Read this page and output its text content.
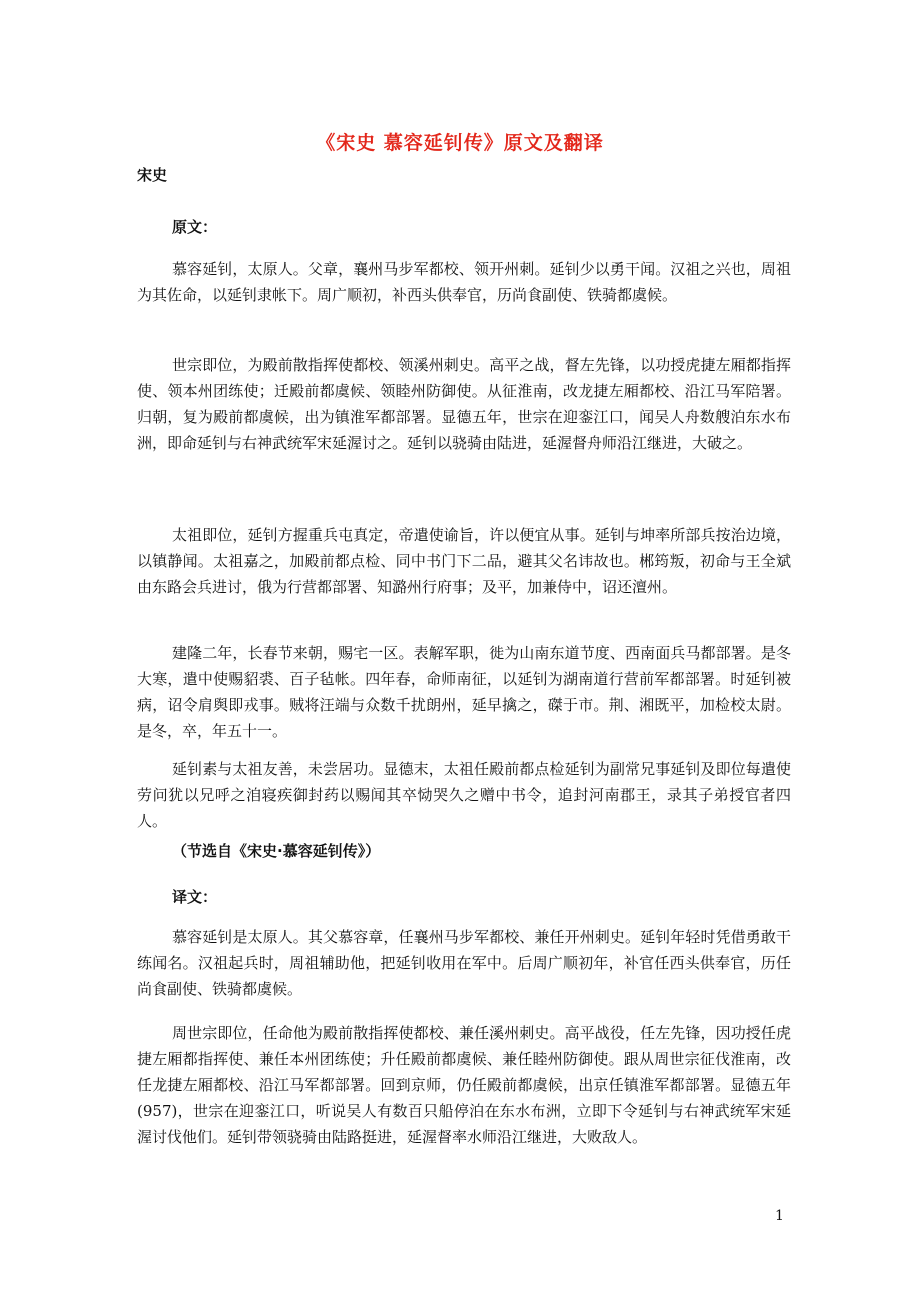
《宋史 慕容延钊传》原文及翻译
宋史
原文：

慕容延钊，太原人。父章，襄州马步军都校、领开州刺。延钊少以勇干闻。汉祖之兴也，周祖为其佐命，以延钊隶帐下。周广顺初，补西头供奉官，历尚食副使、铁骑都虞候。

世宗即位，为殿前散指挥使都校、领溪州刺史。高平之战，督左先锋，以功授虎捷左厢都指挥使、领本州团练使；迁殿前都虞候、领睦州防御使。从征淮南，改龙捷左厢都校、沿江马军陪署。归朝，复为殿前都虞候，出为镇淮军都部署。显德五年，世宗在迎銮江口，闻吴人舟数艘泊东水布洲，即命延钊与右神武统军宋延渥讨之。延钊以骁骑由陆进，延渥督舟师沿江继进，大破之。

太祖即位，延钊方握重兵屯真定，帝遣使谕旨，许以便宜从事。延钊与坤率所部兵按治边境，以镇静闻。太祖嘉之，加殿前都点检、同中书门下二品，避其父名讳故也。郴筠叛，初命与王全斌由东路会兵进讨，俄为行营都部署、知潞州行府事；及平，加兼侍中，诏还澶州。

建隆二年，长春节来朝，赐宅一区。表解军职，徙为山南东道节度、西南面兵马都部署。是冬大寒，遣中使赐貂裘、百子毡帐。四年春，命师南征，以延钊为湖南道行营前军都部署。时延钊被病，诏令肩舆即戎事。贼将汪端与众数千扰朗州，延早擒之，磔于市。荆、湘既平，加检校太尉。是冬，卒，年五十一。

延钊素与太祖友善，未尝居功。显德末，太祖任殿前都点检延钊为副常兄事延钊及即位每遣使劳问犹以兄呼之洎寝疾御封药以赐闻其卒恸哭久之赠中书令，追封河南郡王，录其子弟授官者四人。

（节选自《宋史·慕容延钊传》）
译文：

慕容延钊是太原人。其父慕容章，任襄州马步军都校、兼任开州刺史。延钊年轻时凭借勇敢干练闻名。汉祖起兵时，周祖辅助他，把延钊收用在军中。后周广顺初年，补官任西头供奉官，历任尚食副使、铁骑都虞候。

周世宗即位，任命他为殿前散指挥使都校、兼任溪州刺史。高平战役，任左先锋，因功授任虎捷左厢都指挥使、兼任本州团练使；升任殿前都虞候、兼任睦州防御使。跟从周世宗征伐淮南，改任龙捷左厢都校、沿江马军都部署。回到京师，仍任殿前都虞候，出京任镇淮军都部署。显德五年(957)，世宗在迎銮江口，听说吴人有数百只船停泊在东水布洲，立即下令延钊与右神武统军宋延渥讨伐他们。延钊带领骁骑由陆路挺进，延渥督率水师沿江继进，大败敌人。

1
